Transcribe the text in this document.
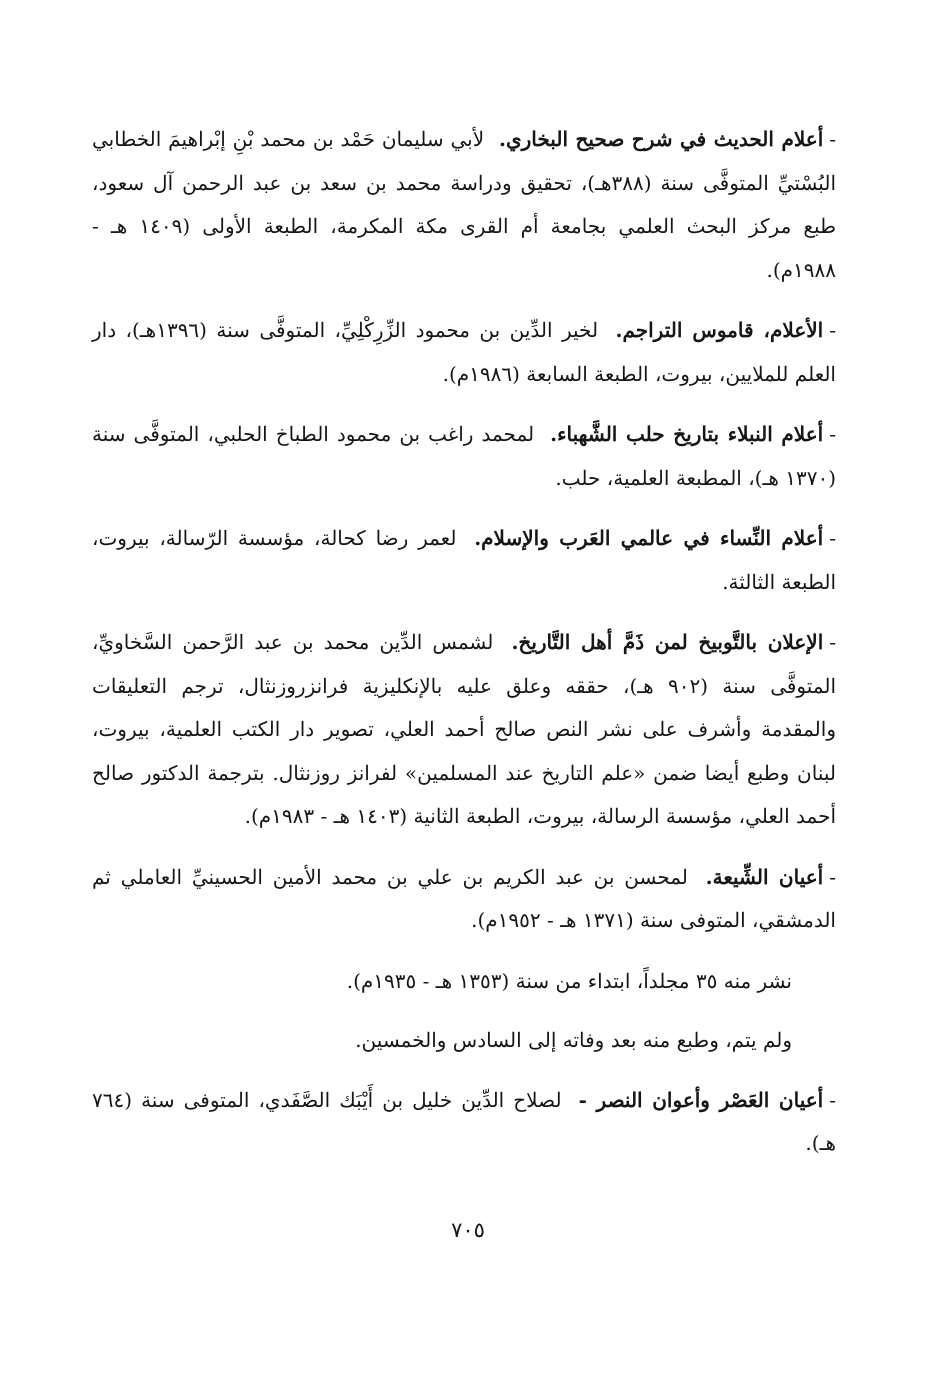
-أعلام الحديث في شرح صحيح البخاري. لأبي سليمان حَمْد بن محمد بْنِ إبْراهيمَ الخطابي البُسْتيِّ المتوفَّى سنة (٣٨٨هـ)، تحقيق ودراسة محمد بن سعد بن عبد الرحمن آل سعود، طبع مركز البحث العلمي بجامعة أم القرى مكة المكرمة، الطبعة الأولى (١٤٠٩ هـ - ١٩٨٨م).

-الأعلام، قاموس التراجم. لخير الدِّين بن محمود الزِّرِكْلِيِّ، المتوفَّى سنة (١٣٩٦هـ)، دار العلم للملايين، بيروت، الطبعة السابعة (١٩٨٦م).

-أعلام النبلاء بتاريخ حلب الشَّهباء. لمحمد راغب بن محمود الطباخ الحلبي، المتوفَّى سنة (١٣٧٠ هـ)، المطبعة العلمية، حلب.

-أعلام النِّساء في عالمي العَرب والإسلام. لعمر رضا كحالة، مؤسسة الرّسالة، بيروت، الطبعة الثالثة.

-الإعلان بالتَّوبيخ لمن ذَمَّ أهل التَّاريخ. لشمس الدِّين محمد بن عبد الرَّحمن السَّخاويِّ، المتوفَّى سنة (٩٠٢ هـ)، حققه وعلق عليه بالإنكليزية فرانزروزنثال، ترجم التعليقات والمقدمة وأشرف على نشر النص صالح أحمد العلي، تصوير دار الكتب العلمية، بيروت، لبنان وطبع أيضا ضمن «علم التاريخ عند المسلمين» لفرانز روزنثال. بترجمة الدكتور صالح أحمد العلي، مؤسسة الرسالة، بيروت، الطبعة الثانية (١٤٠٣ هـ - ١٩٨٣م).

-أعيان الشِّيعة. لمحسن بن عبد الكريم بن علي بن محمد الأمين الحسينيِّ العاملي ثم الدمشقي، المتوفى سنة (١٣٧١ هـ - ١٩٥٢م).

نشر منه ٣٥ مجلداً، ابتداء من سنة (١٣٥٣ هـ - ١٩٣٥م).

ولم يتم، وطبع منه بعد وفاته إلى السادس والخمسين.

-أعيان العَصْر وأعوان النصر - لصلاح الدِّين خليل بن أَيْبَك الصَّفَدي، المتوفى سنة (٧٦٤ هـ).

٧٠٥
